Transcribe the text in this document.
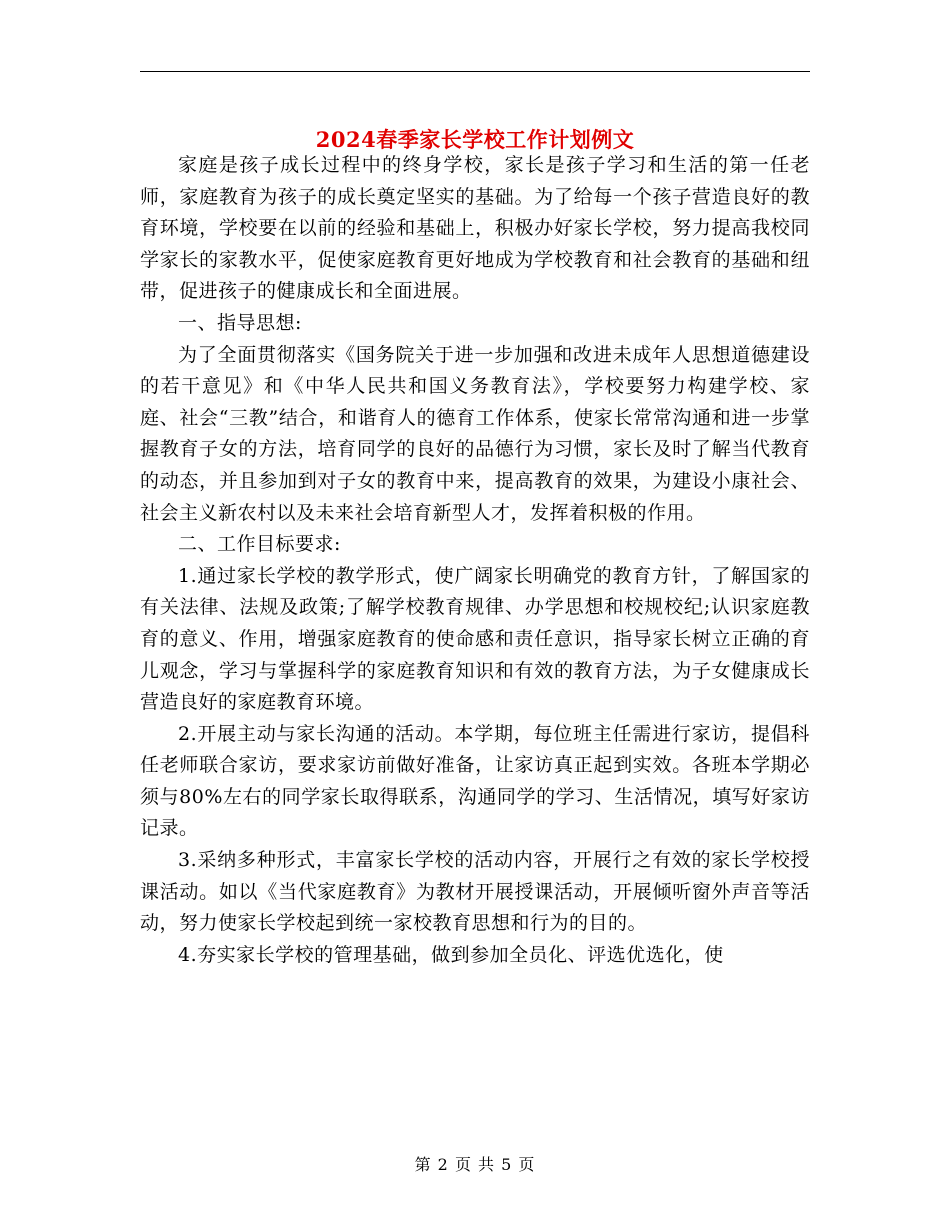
2024春季家长学校工作计划例文

家庭是孩子成长过程中的终身学校，家长是孩子学习和生活的第一任老师，家庭教育为孩子的成长奠定坚实的基础。为了给每一个孩子营造良好的教育环境，学校要在以前的经验和基础上，积极办好家长学校，努力提高我校同学家长的家教水平，促使家庭教育更好地成为学校教育和社会教育的基础和纽带，促进孩子的健康成长和全面进展。

一、指导思想:

为了全面贯彻落实《国务院关于进一步加强和改进未成年人思想道德建设的若干意见》和《中华人民共和国义务教育法》，学校要努力构建学校、家庭、社会“三教”结合，和谐育人的德育工作体系，使家长常常沟通和进一步掌握教育子女的方法，培育同学的良好的品德行为习惯，家长及时了解当代教育的动态，并且参加到对子女的教育中来，提高教育的效果，为建设小康社会、社会主义新农村以及未来社会培育新型人才，发挥着积极的作用。

二、工作目标要求:

1.通过家长学校的教学形式，使广阔家长明确党的教育方针，了解国家的有关法律、法规及政策;了解学校教育规律、办学思想和校规校纪;认识家庭教育的意义、作用，增强家庭教育的使命感和责任意识，指导家长树立正确的育儿观念，学习与掌握科学的家庭教育知识和有效的教育方法，为子女健康成长营造良好的家庭教育环境。

2.开展主动与家长沟通的活动。本学期，每位班主任需进行家访，提倡科任老师联合家访，要求家访前做好准备，让家访真正起到实效。各班本学期必须与80%左右的同学家长取得联系，沟通同学的学习、生活情况，填写好家访记录。

3.采纳多种形式，丰富家长学校的活动内容，开展行之有效的家长学校授课活动。如以《当代家庭教育》为教材开展授课活动，开展倾听窗外声音等活动，努力使家长学校起到统一家校教育思想和行为的目的。

4.夯实家长学校的管理基础，做到参加全员化、评选优选化，使

第 2 页 共 5 页
